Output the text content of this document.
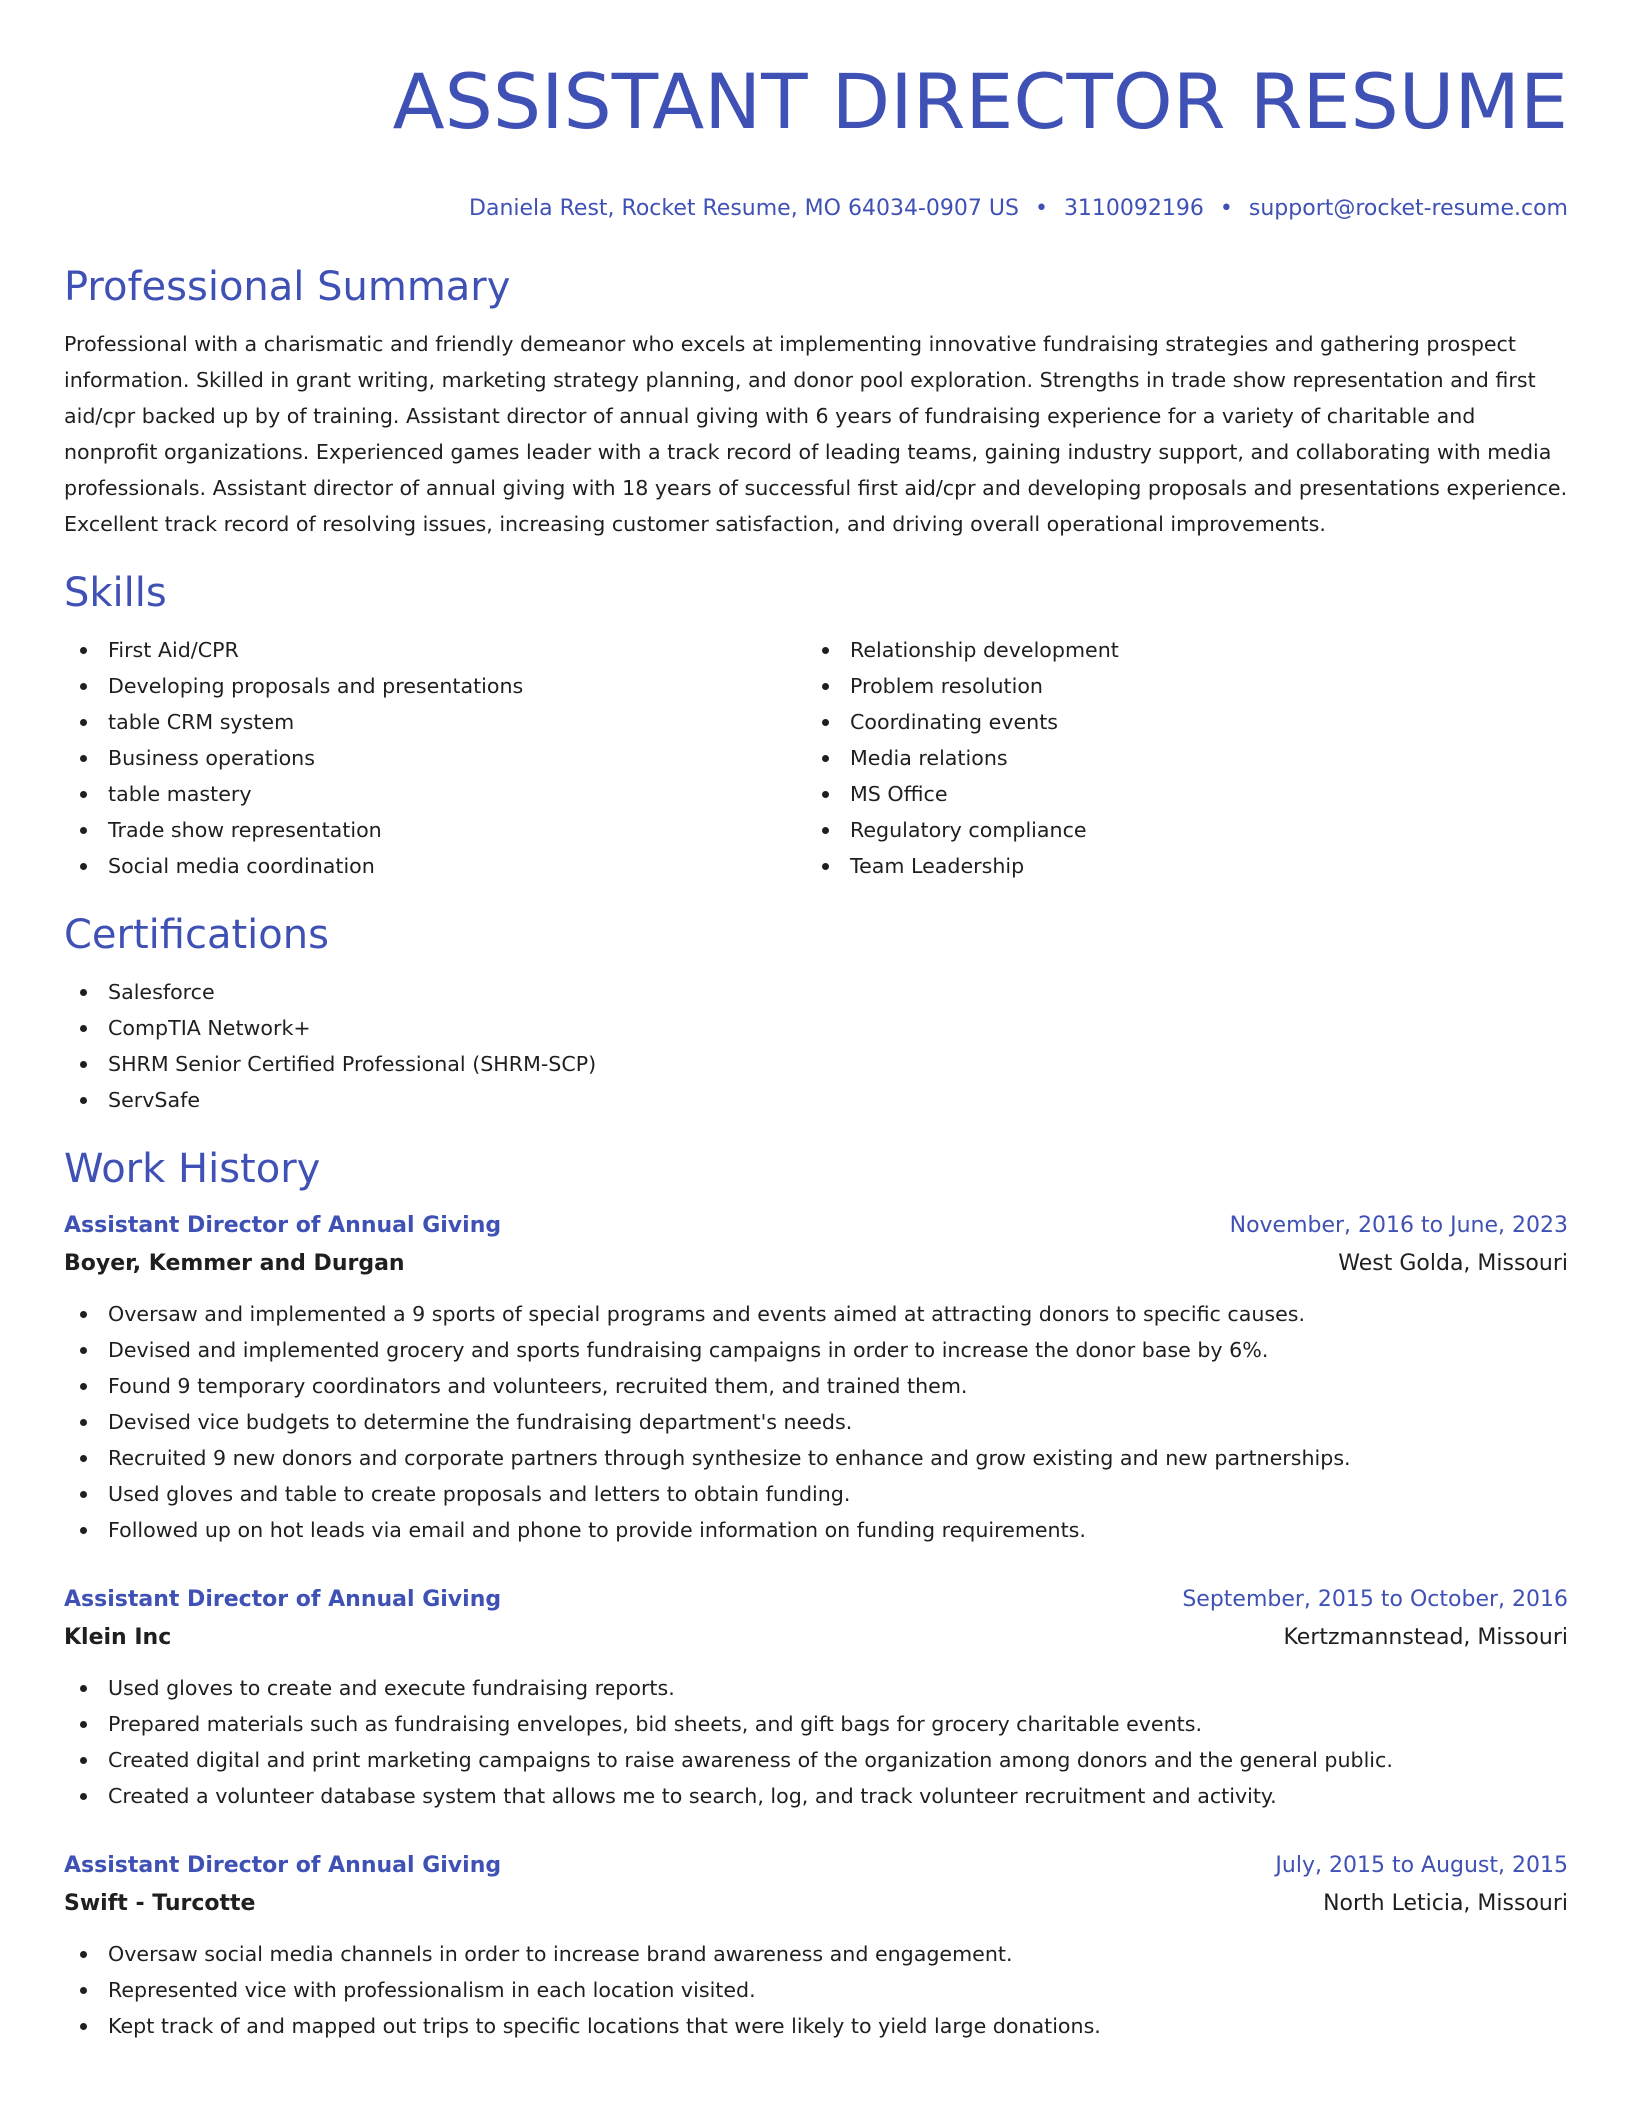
ASSISTANT DIRECTOR RESUME
Daniela Rest, Rocket Resume, MO 64034-0907 US • 3110092196 • support@rocket-resume.com
Professional Summary

Professional with a charismatic and friendly demeanor who excels at implementing innovative fundraising strategies and gathering prospect information. Skilled in grant writing, marketing strategy planning, and donor pool exploration. Strengths in trade show representation and first aid/cpr backed up by of training. Assistant director of annual giving with 6 years of fundraising experience for a variety of charitable and nonprofit organizations. Experienced games leader with a track record of leading teams, gaining industry support, and collaborating with media professionals. Assistant director of annual giving with 18 years of successful first aid/cpr and developing proposals and presentations experience. Excellent track record of resolving issues, increasing customer satisfaction, and driving overall operational improvements.

Skills
First Aid/CPR
Developing proposals and presentations
table CRM system
Business operations
table mastery
Trade show representation
Social media coordination
Relationship development
Problem resolution
Coordinating events
Media relations
MS Office
Regulatory compliance
Team Leadership
Certifications
Salesforce
CompTIA Network+
SHRM Senior Certified Professional (SHRM-SCP)
ServSafe
Work History
Assistant Director of Annual Giving	November, 2016 to June, 2023
Boyer, Kemmer and Durgan	West Golda, Missouri
Oversaw and implemented a 9 sports of special programs and events aimed at attracting donors to specific causes.
Devised and implemented grocery and sports fundraising campaigns in order to increase the donor base by 6%.
Found 9 temporary coordinators and volunteers, recruited them, and trained them.
Devised vice budgets to determine the fundraising department's needs.
Recruited 9 new donors and corporate partners through synthesize to enhance and grow existing and new partnerships.
Used gloves and table to create proposals and letters to obtain funding.
Followed up on hot leads via email and phone to provide information on funding requirements.
Assistant Director of Annual Giving	September, 2015 to October, 2016
Klein Inc	Kertzmannstead, Missouri
Used gloves to create and execute fundraising reports.
Prepared materials such as fundraising envelopes, bid sheets, and gift bags for grocery charitable events.
Created digital and print marketing campaigns to raise awareness of the organization among donors and the general public.
Created a volunteer database system that allows me to search, log, and track volunteer recruitment and activity.
Assistant Director of Annual Giving	July, 2015 to August, 2015
Swift - Turcotte	North Leticia, Missouri
Oversaw social media channels in order to increase brand awareness and engagement.
Represented vice with professionalism in each location visited.
Kept track of and mapped out trips to specific locations that were likely to yield large donations.
